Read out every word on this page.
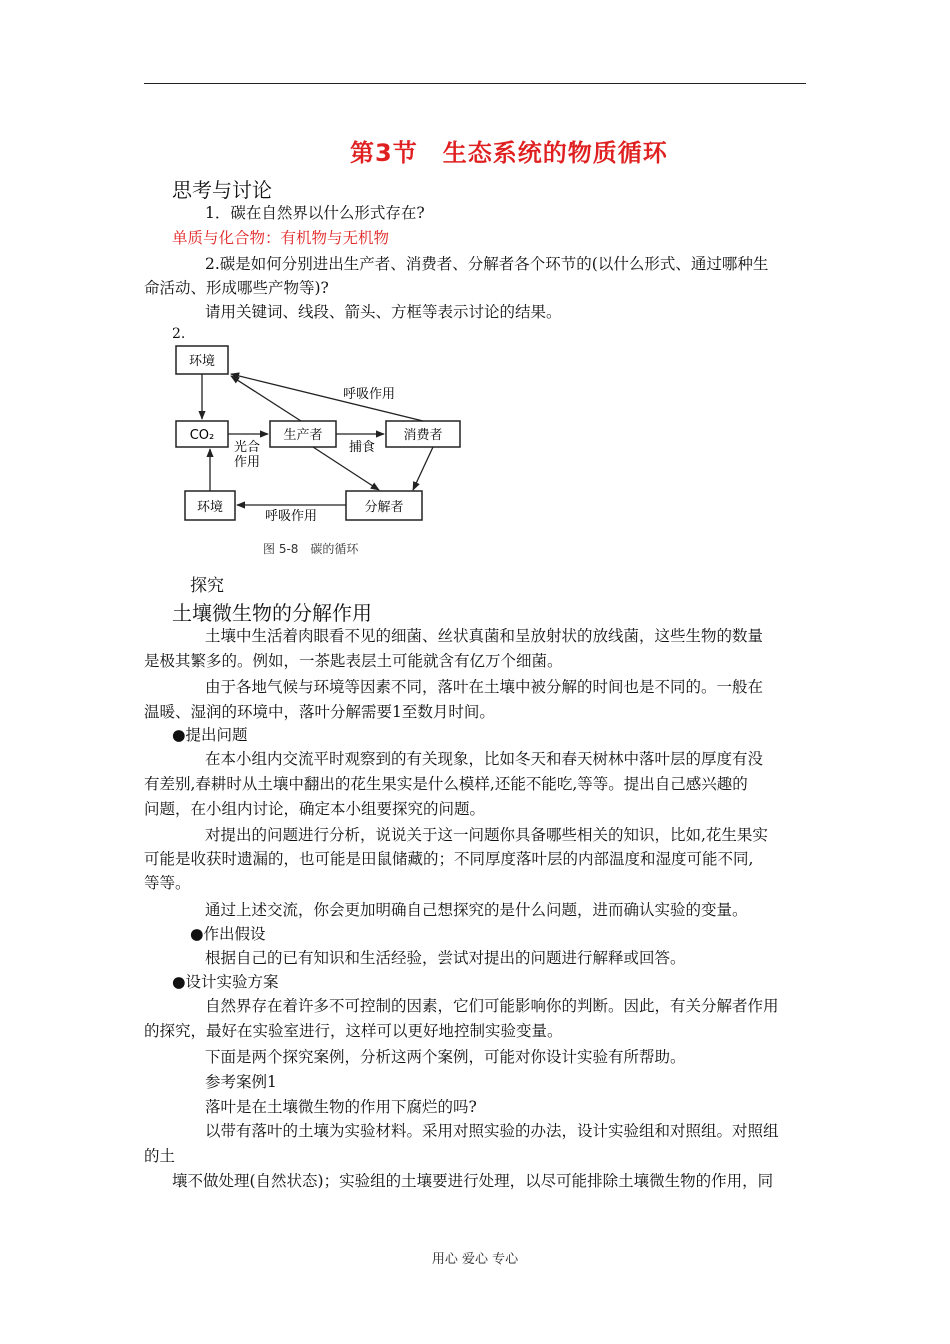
第3节　生态系统的物质循环
思考与讨论
1．碳在自然界以什么形式存在?
单质与化合物：有机物与无机物
2.碳是如何分别进出生产者、消费者、分解者各个环节的(以什么形式、通过哪种生
命活动、形成哪些产物等)?
请用关键词、线段、箭头、方框等表示讨论的结果。
2.
环境
CO₂	生产者	消费者
环境	分解者
呼吸作用
光合
作用
捕食
呼吸作用
图 5-8　碳的循环
探究
土壤微生物的分解作用
土壤中生活着肉眼看不见的细菌、丝状真菌和呈放射状的放线菌，这些生物的数量
是极其繁多的。例如，一茶匙表层土可能就含有亿万个细菌。
由于各地气候与环境等因素不同，落叶在土壤中被分解的时间也是不同的。一般在
温暖、湿润的环境中，落叶分解需要1至数月时间。
●提出问题
在本小组内交流平时观察到的有关现象，比如冬天和春天树林中落叶层的厚度有没
有差别,春耕时从土壤中翻出的花生果实是什么模样,还能不能吃,等等。提出自己感兴趣的
问题，在小组内讨论，确定本小组要探究的问题。
对提出的问题进行分析，说说关于这一问题你具备哪些相关的知识，比如,花生果实
可能是收获时遗漏的，也可能是田鼠储藏的；不同厚度落叶层的内部温度和湿度可能不同,
等等。
通过上述交流，你会更加明确自己想探究的是什么问题，进而确认实验的变量。
●作出假设
根据自己的已有知识和生活经验，尝试对提出的问题进行解释或回答。
●设计实验方案
自然界存在着许多不可控制的因素，它们可能影响你的判断。因此，有关分解者作用
的探究，最好在实验室进行，这样可以更好地控制实验变量。
下面是两个探究案例，分析这两个案例，可能对你设计实验有所帮助。
参考案例1
落叶是在土壤微生物的作用下腐烂的吗?
以带有落叶的土壤为实验材料。采用对照实验的办法，设计实验组和对照组。对照组
的土
壤不做处理(自然状态)；实验组的土壤要进行处理，以尽可能排除土壤微生物的作用，同
用心 爱心 专心
